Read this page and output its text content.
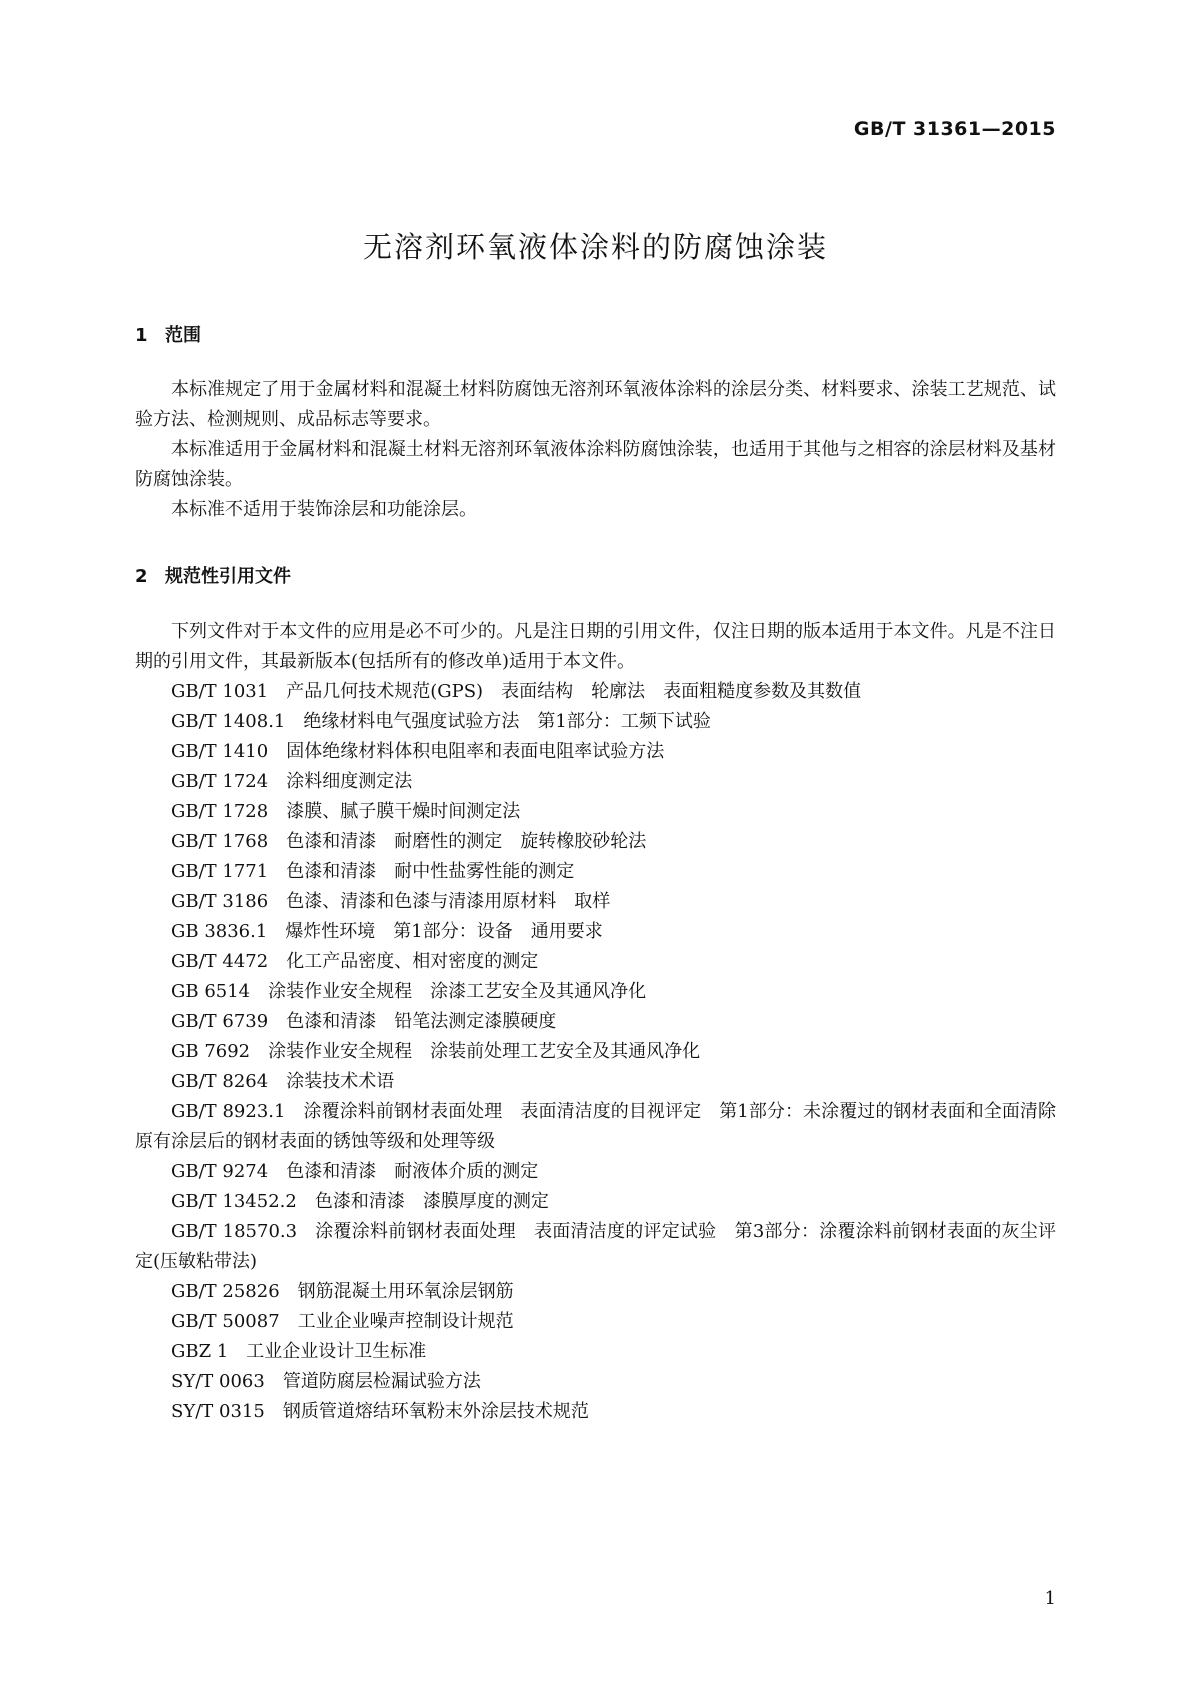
GB/T 31361—2015
无溶剂环氧液体涂料的防腐蚀涂装
1 范围

本标准规定了用于金属材料和混凝土材料防腐蚀无溶剂环氧液体涂料的涂层分类、材料要求、涂装工艺规范、试验方法、检测规则、成品标志等要求。

本标准适用于金属材料和混凝土材料无溶剂环氧液体涂料防腐蚀涂装，也适用于其他与之相容的涂层材料及基材防腐蚀涂装。

本标准不适用于装饰涂层和功能涂层。

2 规范性引用文件

下列文件对于本文件的应用是必不可少的。凡是注日期的引用文件，仅注日期的版本适用于本文件。凡是不注日期的引用文件，其最新版本(包括所有的修改单)适用于本文件。

GB/T 1031 产品几何技术规范(GPS)　表面结构　轮廓法　表面粗糙度参数及其数值

GB/T 1408.1 绝缘材料电气强度试验方法　第1部分：工频下试验

GB/T 1410 固体绝缘材料体积电阻率和表面电阻率试验方法

GB/T 1724 涂料细度测定法

GB/T 1728 漆膜、腻子膜干燥时间测定法

GB/T 1768 色漆和清漆　耐磨性的测定　旋转橡胶砂轮法

GB/T 1771 色漆和清漆　耐中性盐雾性能的测定

GB/T 3186 色漆、清漆和色漆与清漆用原材料　取样

GB 3836.1 爆炸性环境　第1部分：设备　通用要求

GB/T 4472 化工产品密度、相对密度的测定

GB 6514 涂装作业安全规程　涂漆工艺安全及其通风净化

GB/T 6739 色漆和清漆　铅笔法测定漆膜硬度

GB 7692 涂装作业安全规程　涂装前处理工艺安全及其通风净化

GB/T 8264 涂装技术术语

GB/T 8923.1 涂覆涂料前钢材表面处理　表面清洁度的目视评定　第1部分：未涂覆过的钢材表面和全面清除原有涂层后的钢材表面的锈蚀等级和处理等级

GB/T 9274 色漆和清漆　耐液体介质的测定

GB/T 13452.2 色漆和清漆　漆膜厚度的测定

GB/T 18570.3 涂覆涂料前钢材表面处理　表面清洁度的评定试验　第3部分：涂覆涂料前钢材表面的灰尘评定(压敏粘带法)

GB/T 25826 钢筋混凝土用环氧涂层钢筋

GB/T 50087 工业企业噪声控制设计规范

GBZ 1 工业企业设计卫生标准

SY/T 0063 管道防腐层检漏试验方法

SY/T 0315 钢质管道熔结环氧粉末外涂层技术规范

1
